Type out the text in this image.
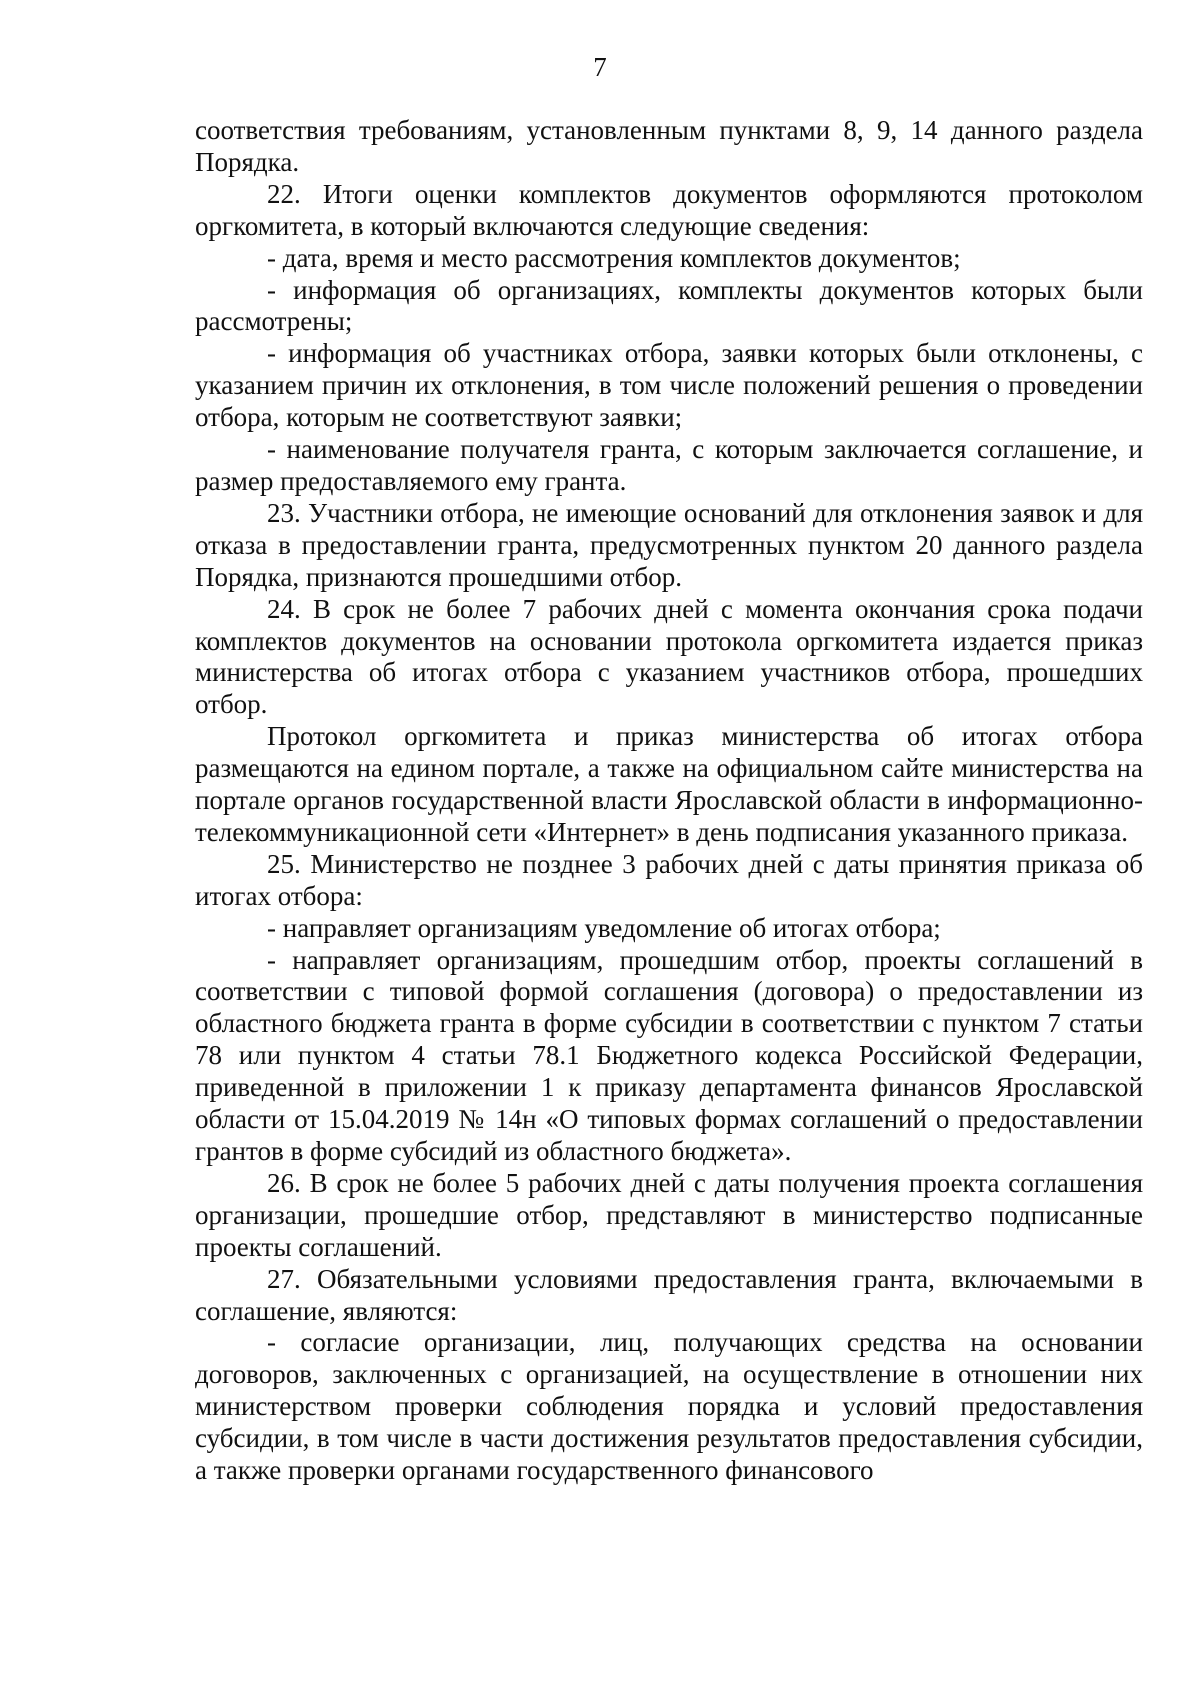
7

соответствия требованиям, установленным пунктами 8, 9, 14 данного раздела Порядка.

22. Итоги оценки комплектов документов оформляются протоколом оргкомитета, в который включаются следующие сведения:

- дата, время и место рассмотрения комплектов документов;

- информация об организациях, комплекты документов которых были рассмотрены;

- информация об участниках отбора, заявки которых были отклонены, с указанием причин их отклонения, в том числе положений решения о проведении отбора, которым не соответствуют заявки;

- наименование получателя гранта, с которым заключается соглашение, и размер предоставляемого ему гранта.

23. Участники отбора, не имеющие оснований для отклонения заявок и для отказа в предоставлении гранта, предусмотренных пунктом 20 данного раздела Порядка, признаются прошедшими отбор.

24. В срок не более 7 рабочих дней с момента окончания срока подачи комплектов документов на основании протокола оргкомитета издается приказ министерства об итогах отбора с указанием участников отбора, прошедших отбор.

Протокол оргкомитета и приказ министерства об итогах отбора размещаются на едином портале, а также на официальном сайте министерства на портале органов государственной власти Ярославской области в информационно-телекоммуникационной сети «Интернет» в день подписания указанного приказа.

25. Министерство не позднее 3 рабочих дней с даты принятия приказа об итогах отбора:

- направляет организациям уведомление об итогах отбора;

- направляет организациям, прошедшим отбор, проекты соглашений в соответствии с типовой формой соглашения (договора) о предоставлении из областного бюджета гранта в форме субсидии в соответствии с пунктом 7 статьи 78 или пунктом 4 статьи 78.1 Бюджетного кодекса Российской Федерации, приведенной в приложении 1 к приказу департамента финансов Ярославской области от 15.04.2019 № 14н «О типовых формах соглашений о предоставлении грантов в форме субсидий из областного бюджета».

26. В срок не более 5 рабочих дней с даты получения проекта соглашения организации, прошедшие отбор, представляют в министерство подписанные проекты соглашений.

27. Обязательными условиями предоставления гранта, включаемыми в соглашение, являются:

- согласие организации, лиц, получающих средства на основании договоров, заключенных с организацией, на осуществление в отношении них министерством проверки соблюдения порядка и условий предоставления субсидии, в том числе в части достижения результатов предоставления субсидии, а также проверки органами государственного финансового
